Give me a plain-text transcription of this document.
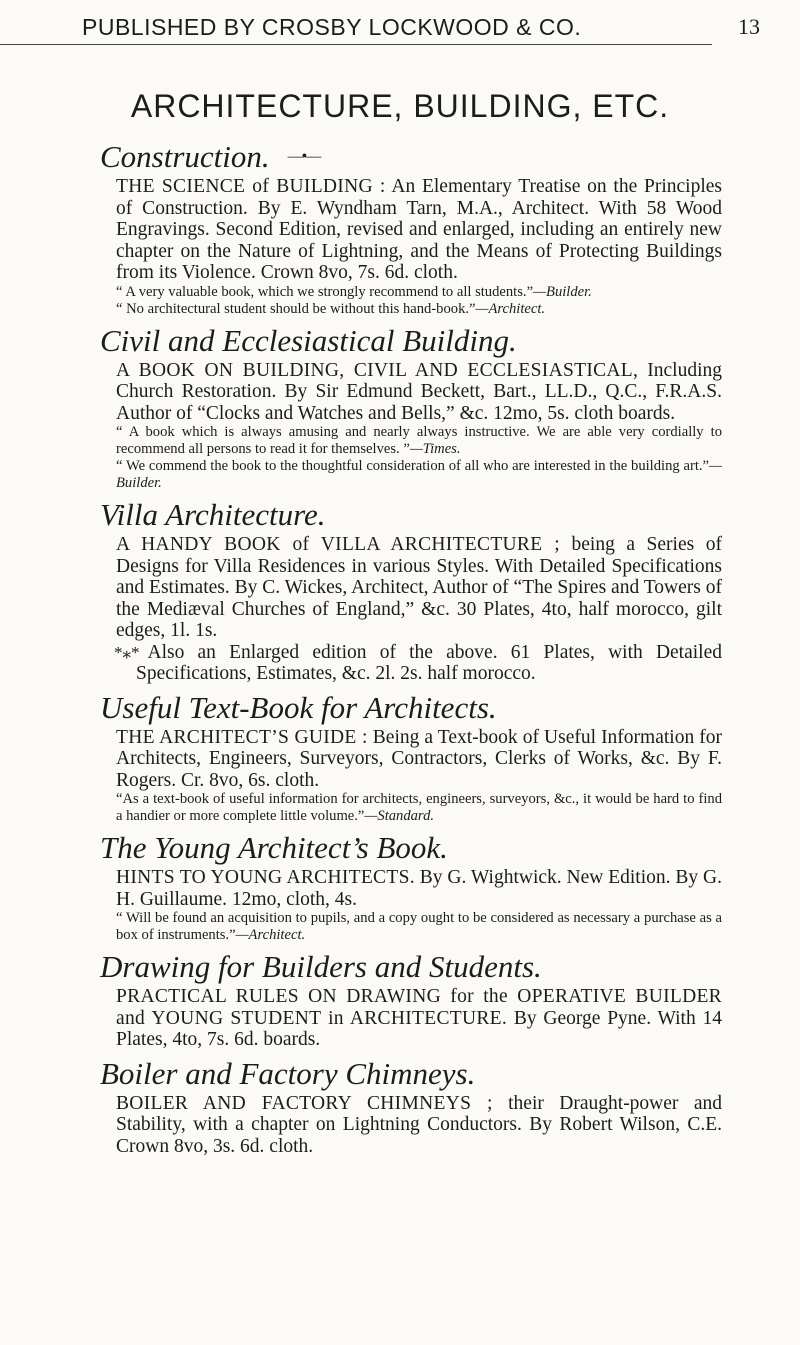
PUBLISHED BY CROSBY LOCKWOOD & CO.	13
ARCHITECTURE, BUILDING, ETC.
Construction. —•—

THE SCIENCE of BUILDING : An Elementary Treatise on the Principles of Construction. By E. Wyndham Tarn, M.A., Architect. With 58 Wood Engravings. Second Edition, revised and enlarged, including an entirely new chapter on the Nature of Lightning, and the Means of Protecting Buildings from its Violence. Crown 8vo, 7s. 6d. cloth.

“ A very valuable book, which we strongly recommend to all students.”—Builder.

“ No architectural student should be without this hand-book.”—Architect.

Civil and Ecclesiastical Building.

A BOOK ON BUILDING, CIVIL AND ECCLESIASTICAL, Including Church Restoration. By Sir Edmund Beckett, Bart., LL.D., Q.C., F.R.A.S. Author of “Clocks and Watches and Bells,” &c. 12mo, 5s. cloth boards.

“ A book which is always amusing and nearly always instructive. We are able very cordially to recommend all persons to read it for themselves. ”—Times.

“ We commend the book to the thoughtful consideration of all who are interested in the building art.”—Builder.

Villa Architecture.

A HANDY BOOK of VILLA ARCHITECTURE ; being a Series of Designs for Villa Residences in various Styles. With Detailed Specifications and Estimates. By C. Wickes, Architect, Author of “The Spires and Towers of the Mediæval Churches of England,” &c. 30 Plates, 4to, half morocco, gilt edges, 1l. 1s.

*⁎* Also an Enlarged edition of the above. 61 Plates, with Detailed Specifications, Estimates, &c. 2l. 2s. half morocco.

Useful Text-Book for Architects.

THE ARCHITECT’S GUIDE : Being a Text-book of Useful Information for Architects, Engineers, Surveyors, Contractors, Clerks of Works, &c. By F. Rogers. Cr. 8vo, 6s. cloth.

“As a text-book of useful information for architects, engineers, surveyors, &c., it would be hard to find a handier or more complete little volume.”—Standard.

The Young Architect’s Book.

HINTS TO YOUNG ARCHITECTS. By G. Wightwick. New Edition. By G. H. Guillaume. 12mo, cloth, 4s.

“ Will be found an acquisition to pupils, and a copy ought to be considered as necessary a purchase as a box of instruments.”—Architect.

Drawing for Builders and Students.

PRACTICAL RULES ON DRAWING for the OPERATIVE BUILDER and YOUNG STUDENT in ARCHITECTURE. By George Pyne. With 14 Plates, 4to, 7s. 6d. boards.

Boiler and Factory Chimneys.

BOILER AND FACTORY CHIMNEYS ; their Draught-power and Stability, with a chapter on Lightning Conductors. By Robert Wilson, C.E. Crown 8vo, 3s. 6d. cloth.
